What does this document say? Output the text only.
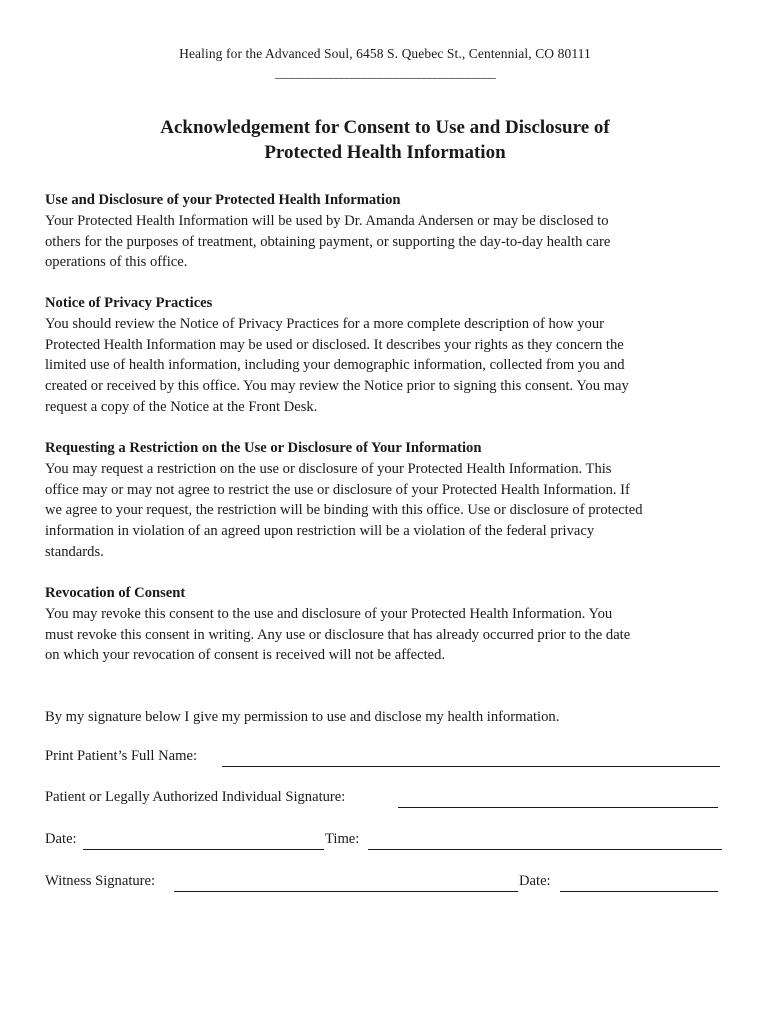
Healing for the Advanced Soul, 6458 S. Quebec St., Centennial, CO 80111
________________________________________
Acknowledgement for Consent to Use and Disclosure of
Protected Health Information
Use and Disclosure of your Protected Health Information
Your Protected Health Information will be used by Dr. Amanda Andersen or may be disclosed to
others for the purposes of treatment, obtaining payment, or supporting the day-to-day health care
operations of this office.
Notice of Privacy Practices
You should review the Notice of Privacy Practices for a more complete description of how your
Protected Health Information may be used or disclosed. It describes your rights as they concern the
limited use of health information, including your demographic information, collected from you and
created or received by this office. You may review the Notice prior to signing this consent. You may
request a copy of the Notice at the Front Desk.
Requesting a Restriction on the Use or Disclosure of Your Information
You may request a restriction on the use or disclosure of your Protected Health Information. This
office may or may not agree to restrict the use or disclosure of your Protected Health Information. If
we agree to your request, the restriction will be binding with this office. Use or disclosure of protected
information in violation of an agreed upon restriction will be a violation of the federal privacy
standards.
Revocation of Consent
You may revoke this consent to the use and disclosure of your Protected Health Information. You
must revoke this consent in writing. Any use or disclosure that has already occurred prior to the date
on which your revocation of consent is received will not be affected.
By my signature below I give my permission to use and disclose my health information.
Print Patient’s Full Name:
Patient or Legally Authorized Individual Signature:
Date:	Time:
Witness Signature:	Date:
